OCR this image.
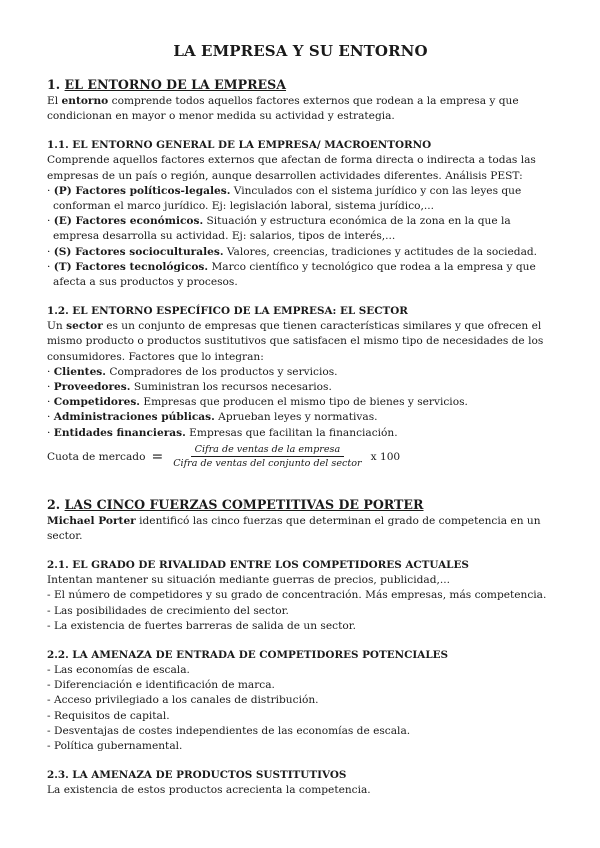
LA EMPRESA Y SU ENTORNO
1. EL ENTORNO DE LA EMPRESA

El entorno comprende todos aquellos factores externos que rodean a la empresa y que condicionan en mayor o menor medida su actividad y estrategia.

1.1. EL ENTORNO GENERAL DE LA EMPRESA/ MACROENTORNO

Comprende aquellos factores externos que afectan de forma directa o indirecta a todas las empresas de un país o región, aunque desarrollen actividades diferentes. Análisis PEST:

· (P) Factores políticos-legales. Vinculados con el sistema jurídico y con las leyes que conforman el marco jurídico. Ej: legislación laboral, sistema jurídico,...
· (E) Factores económicos. Situación y estructura económica de la zona en la que la empresa desarrolla su actividad. Ej: salarios, tipos de interés,...
· (S) Factores socioculturales. Valores, creencias, tradiciones y actitudes de la sociedad.
· (T) Factores tecnológicos. Marco científico y tecnológico que rodea a la empresa y que afecta a sus productos y procesos.
1.2. EL ENTORNO ESPECÍFICO DE LA EMPRESA: EL SECTOR

Un sector es un conjunto de empresas que tienen características similares y que ofrecen el mismo producto o productos sustitutivos que satisfacen el mismo tipo de necesidades de los consumidores. Factores que lo integran:

· Clientes. Compradores de los productos y servicios.
· Proveedores. Suministran los recursos necesarios.
· Competidores. Empresas que producen el mismo tipo de bienes y servicios.
· Administraciones públicas. Aprueban leyes y normativas.
· Entidades financieras. Empresas que facilitan la financiación.
Cuota de mercado = $\frac{\text{Cifra de ventas de la empresa}}{\text{Cifra de ventas del conjunto del sector}}$ x 100
2. LAS CINCO FUERZAS COMPETITIVAS DE PORTER

Michael Porter identificó las cinco fuerzas que determinan el grado de competencia en un sector.

2.1. EL GRADO DE RIVALIDAD ENTRE LOS COMPETIDORES ACTUALES

Intentan mantener su situación mediante guerras de precios, publicidad,...

- El número de competidores y su grado de concentración. Más empresas, más competencia.
- Las posibilidades de crecimiento del sector.
- La existencia de fuertes barreras de salida de un sector.
2.2. LA AMENAZA DE ENTRADA DE COMPETIDORES POTENCIALES
- Las economías de escala.
- Diferenciación e identificación de marca.
- Acceso privilegiado a los canales de distribución.
- Requisitos de capital.
- Desventajas de costes independientes de las economías de escala.
- Política gubernamental.
2.3. LA AMENAZA DE PRODUCTOS SUSTITUTIVOS

La existencia de estos productos acrecienta la competencia.
